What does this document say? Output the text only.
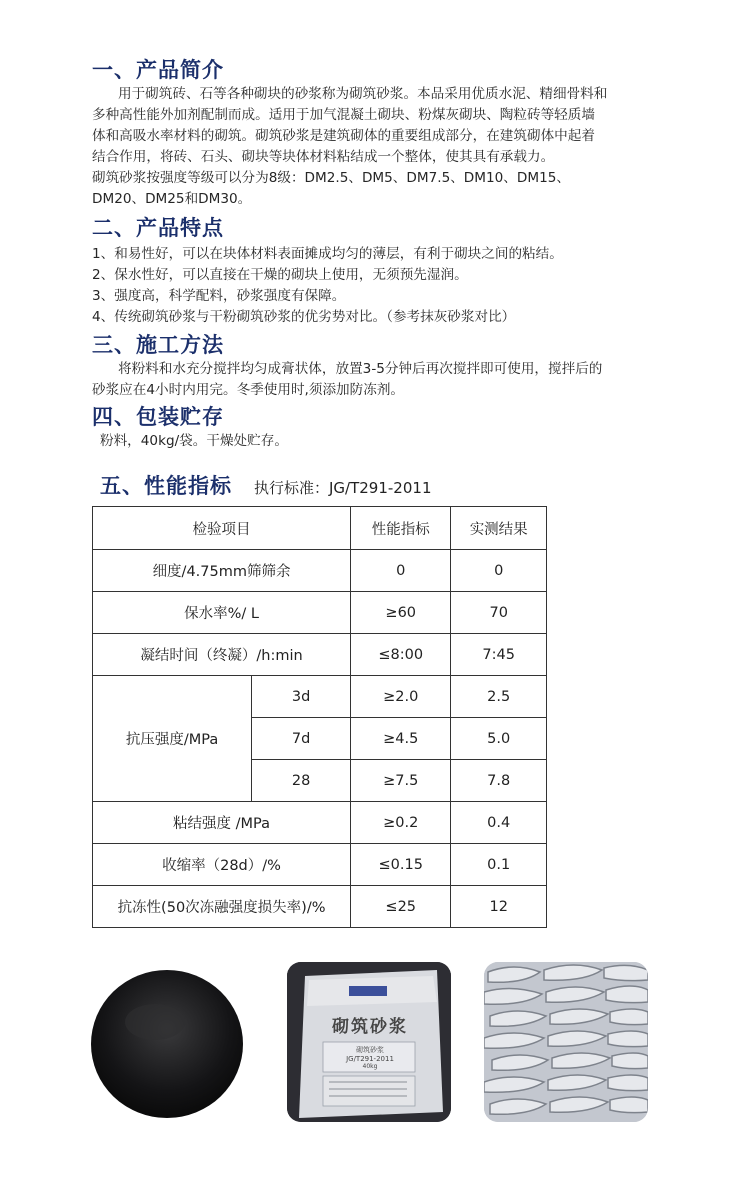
一、产品简介
用于砌筑砖、石等各种砌块的砂浆称为砌筑砂浆。本品采用优质水泥、精细骨料和
多种高性能外加剂配制而成。适用于加气混凝土砌块、粉煤灰砌块、陶粒砖等轻质墙
体和高吸水率材料的砌筑。砌筑砂浆是建筑砌体的重要组成部分，在建筑砌体中起着
结合作用，将砖、石头、砌块等块体材料粘结成一个整体，使其具有承载力。
砌筑砂浆按强度等级可以分为8级：DM2.5、DM5、DM7.5、DM10、DM15、
DM20、DM25和DM30。
二、产品特点
1、和易性好，可以在块体材料表面摊成均匀的薄层，有利于砌块之间的粘结。
2、保水性好，可以直接在干燥的砌块上使用，无须预先湿润。
3、强度高，科学配料，砂浆强度有保障。
4、传统砌筑砂浆与干粉砌筑砂浆的优劣势对比。（参考抹灰砂浆对比）
三、施工方法
将粉料和水充分搅拌均匀成膏状体，放置3-5分钟后再次搅拌即可使用，搅拌后的
砂浆应在4小时内用完。冬季使用时,须添加防冻剂。
四、包装贮存
粉料，40kg/袋。干燥处贮存。
五、性能指标 执行标准：JG/T291-2011
检验项目		性能指标	实测结果
细度/4.75mm筛筛余		0	0
保水率%/ L		≥60	70
凝结时间（终凝）/h:min		≤8:00	7:45
抗压强度/MPa	3d	≥2.0	2.5
	7d	≥4.5	5.0
	28	≥7.5	7.8
粘结强度 /MPa		≥0.2	0.4
收缩率（28d）/%		≤0.15	0.1
抗冻性(50次冻融强度损失率)/%		≤25	12
砌筑砂浆
砌筑砂浆
JG/T291-2011
40kg
